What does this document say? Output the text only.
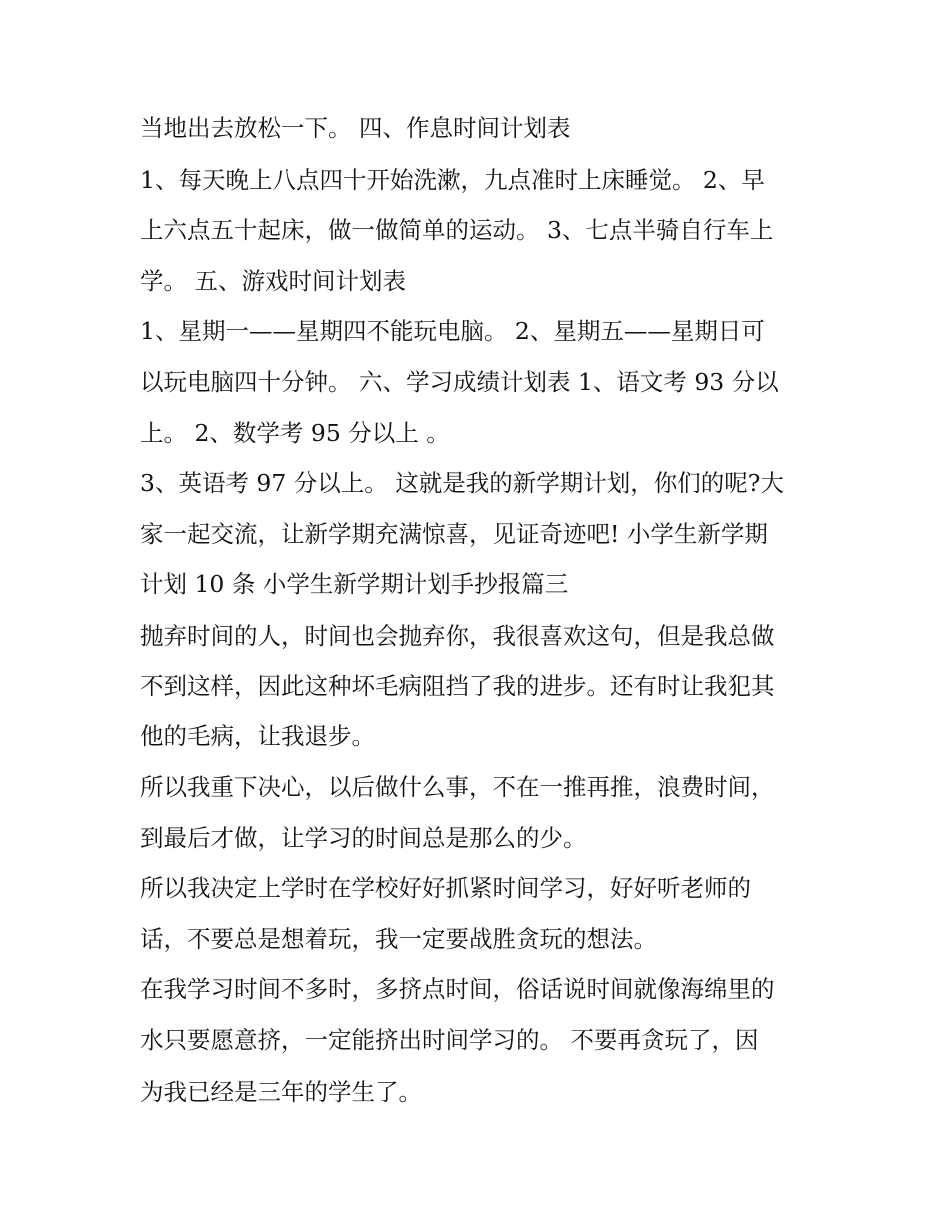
当地出去放松一下。 四、作息时间计划表
1、每天晚上八点四十开始洗漱，九点准时上床睡觉。 2、早
上六点五十起床，做一做简单的运动。 3、七点半骑自行车上
学。 五、游戏时间计划表
1、星期一——星期四不能玩电脑。 2、星期五——星期日可
以玩电脑四十分钟。 六、学习成绩计划表 1、语文考 93 分以
上。 2、数学考 95 分以上 。
3、英语考 97 分以上。 这就是我的新学期计划，你们的呢?大
家一起交流，让新学期充满惊喜，见证奇迹吧! 小学生新学期
计划 10 条 小学生新学期计划手抄报篇三
抛弃时间的人，时间也会抛弃你，我很喜欢这句，但是我总做
不到这样，因此这种坏毛病阻挡了我的进步。还有时让我犯其
他的毛病，让我退步。
所以我重下决心，以后做什么事，不在一推再推，浪费时间，
到最后才做，让学习的时间总是那么的少。
所以我决定上学时在学校好好抓紧时间学习，好好听老师的
话，不要总是想着玩，我一定要战胜贪玩的想法。
在我学习时间不多时，多挤点时间，俗话说时间就像海绵里的
水只要愿意挤，一定能挤出时间学习的。 不要再贪玩了，因
为我已经是三年的学生了。
